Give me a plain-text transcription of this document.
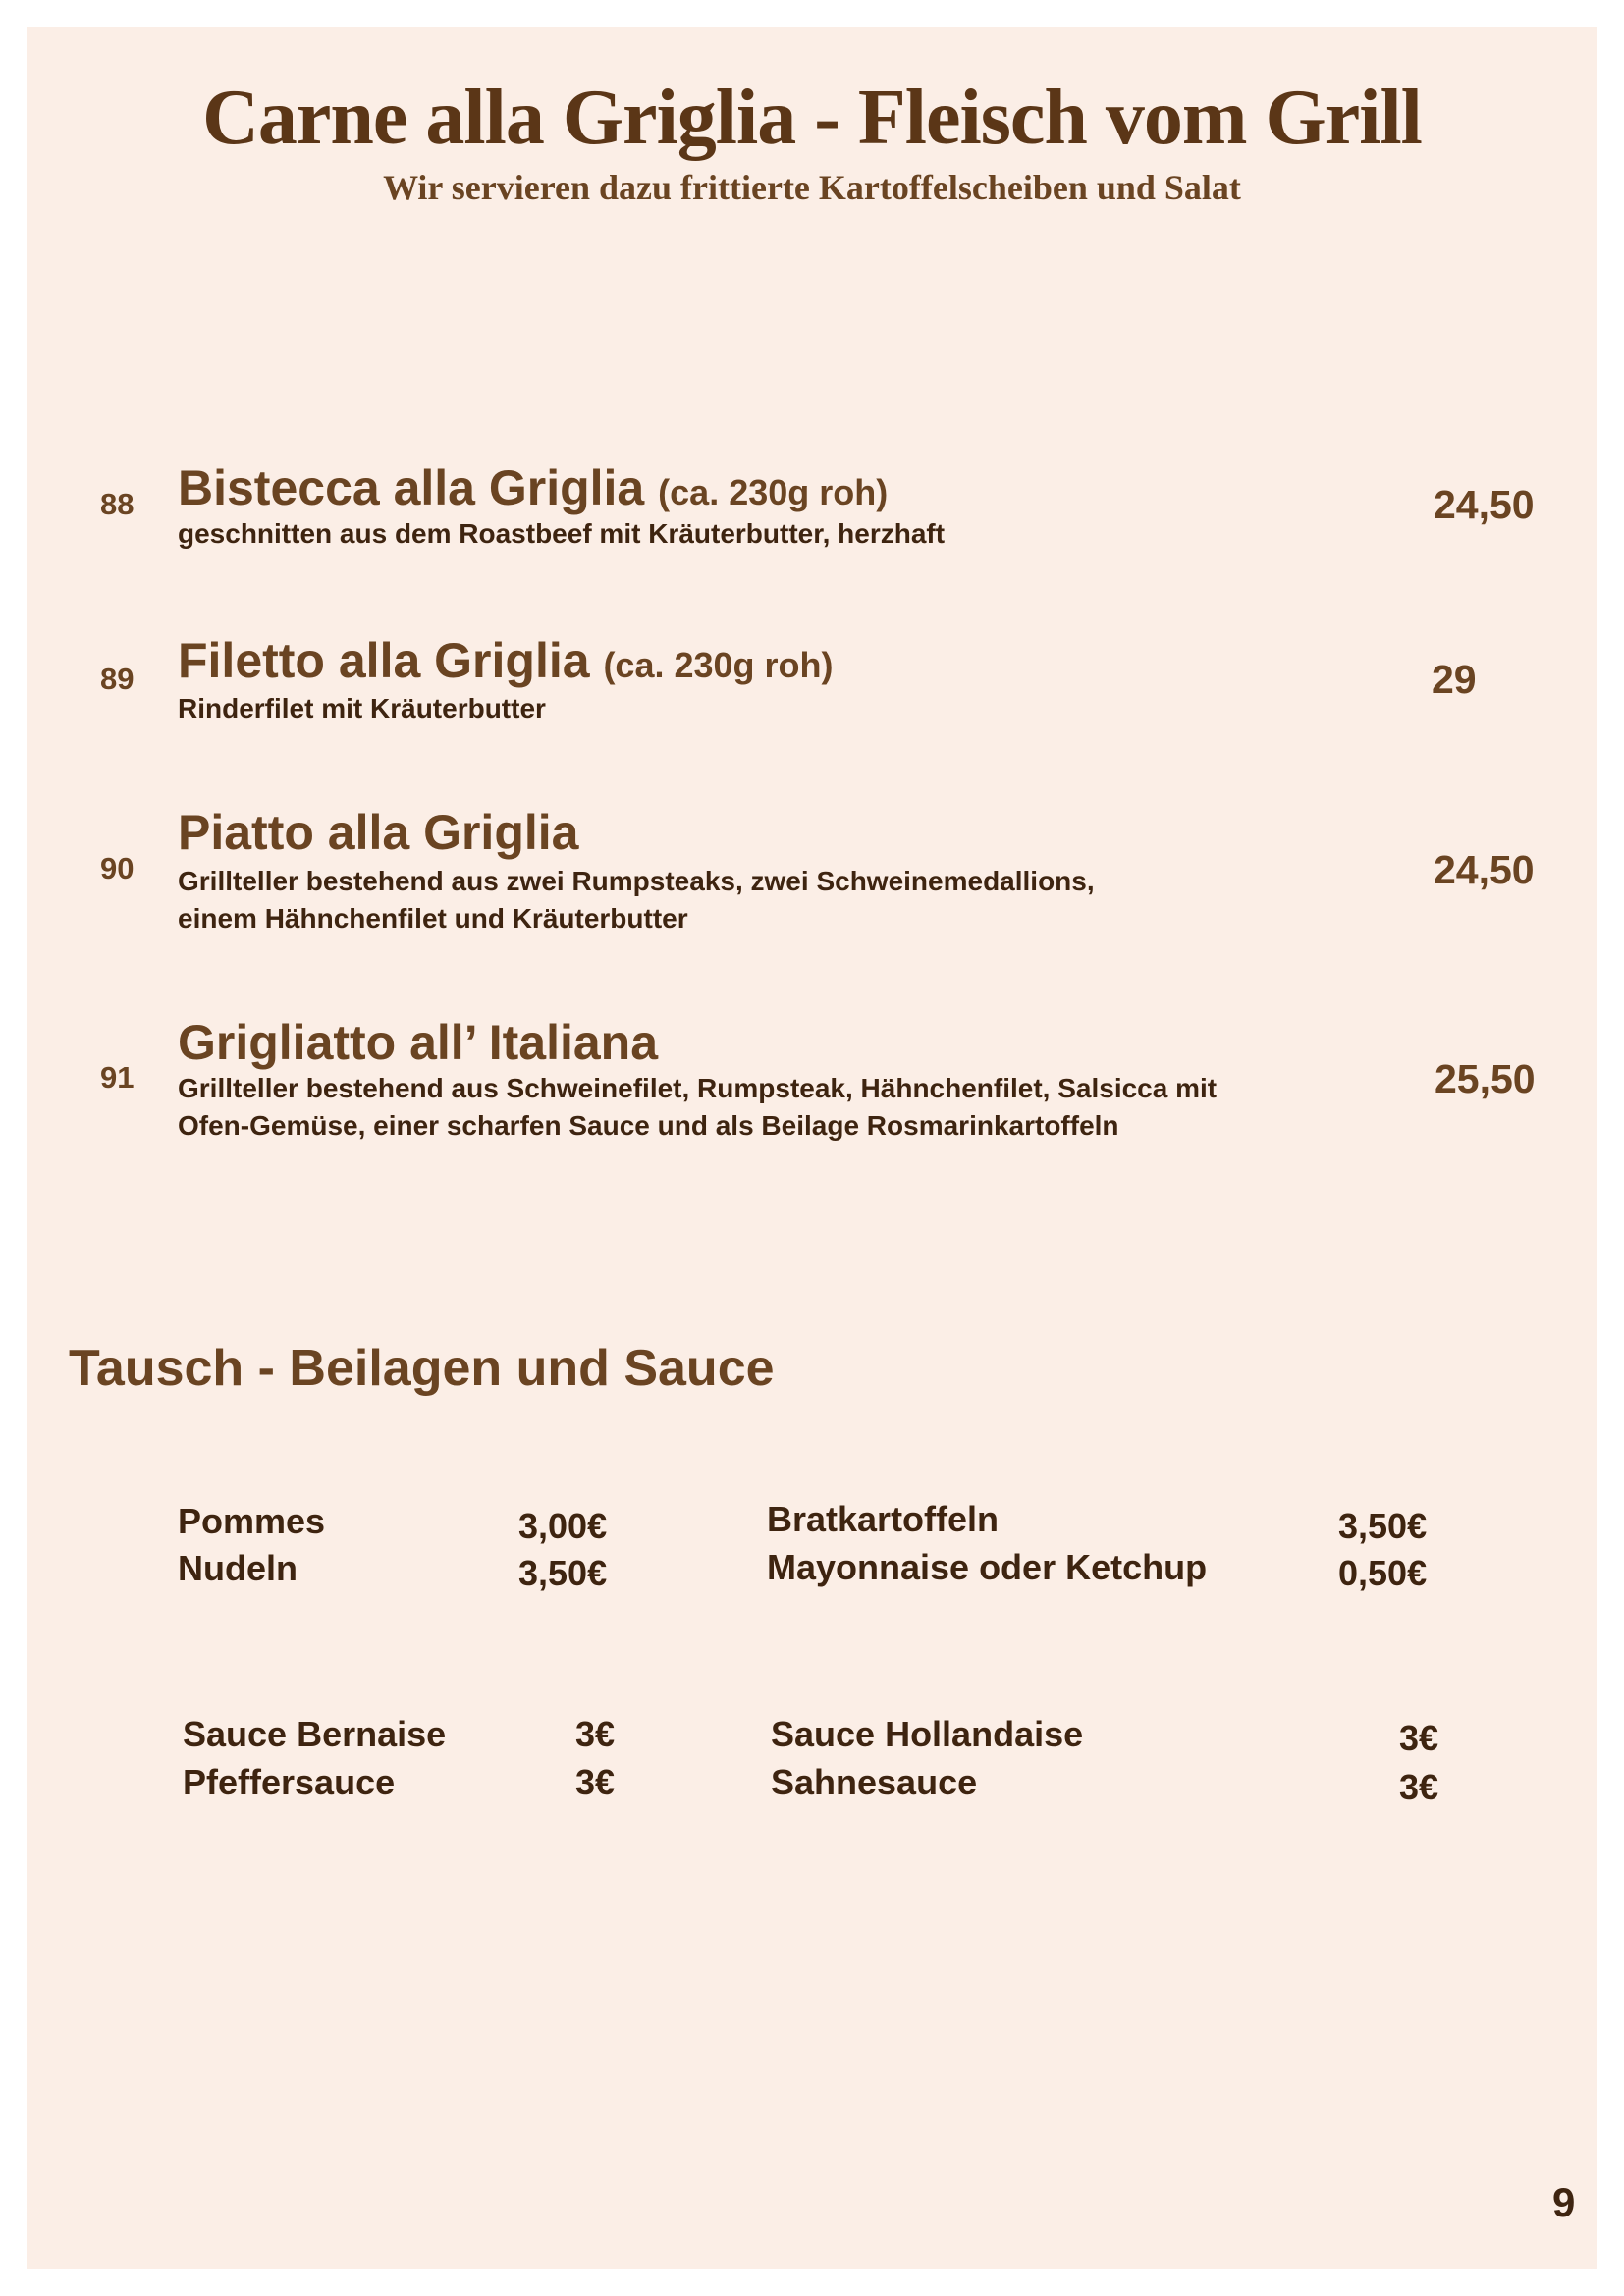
Carne alla Griglia - Fleisch vom Grill
Wir servieren dazu frittierte Kartoffelscheiben und Salat
88 Bistecca alla Griglia (ca. 230g roh)
geschnitten aus dem Roastbeef mit Kräuterbutter, herzhaft
24,50
89 Filetto alla Griglia (ca. 230g roh)
Rinderfilet mit Kräuterbutter
29
90
Piatto alla Griglia
Grillteller bestehend aus zwei Rumpsteaks, zwei Schweinemedallions,
einem Hähnchenfilet und Kräuterbutter
24,50
91
Grigliatto all’ Italiana
Grillteller bestehend aus Schweinefilet, Rumpsteak, Hähnchenfilet, Salsicca mit
Ofen-Gemüse, einer scharfen Sauce und als Beilage Rosmarinkartoffeln
25,50
Tausch - Beilagen und Sauce
Pommes	3,00€
Nudeln	3,50€
Bratkartoffeln	3,50€
Mayonnaise oder Ketchup	0,50€
Sauce Bernaise	3€
Pfeffersauce	3€
Sauce Hollandaise	3€
Sahnesauce	3€
9
